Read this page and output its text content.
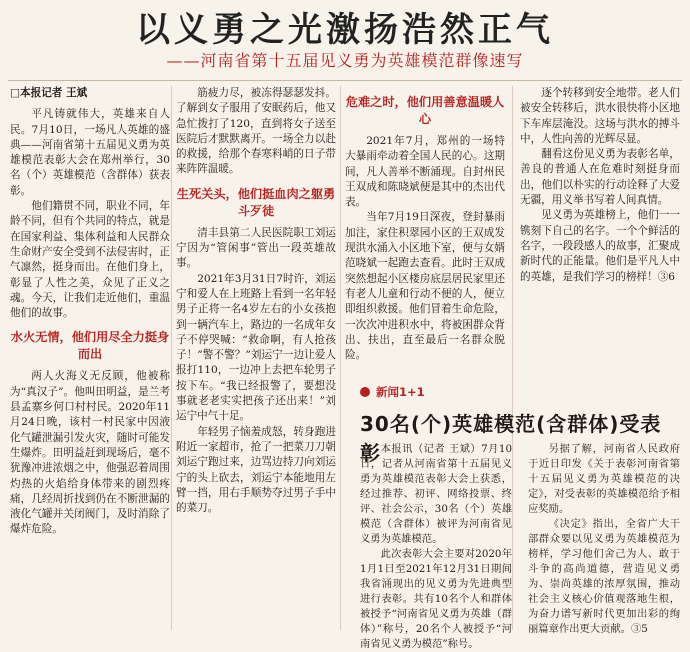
以义勇之光激扬浩然正气
——河南省第十五届见义勇为英雄模范群像速写
□本报记者 王斌

平凡铸就伟大，英雄来自人民。7月10日，一场凡人英雄的盛典——河南省第十五届见义勇为英雄模范表彰大会在郑州举行，30名（个）英雄模范（含群体）获表彰。

他们籍贯不同，职业不同，年龄不同，但有个共同的特点，就是在国家利益、集体利益和人民群众生命财产安全受到不法侵害时，正气凛然，挺身而出。在他们身上，彰显了人性之美，众见了正义之魂。今天，让我们走近他们，重温他们的故事。

水火无情，他们用尽全力挺身而出

两人火海义无反顾，他被称为“真汉子”。他叫田明益，是兰考县孟寨乡何口村村民。2020年11月24日晚，该村一村民家中因液化气罐泄漏引发火灾，随时可能发生爆炸。田明益赶到现场后，毫不犹豫冲进浓烟之中，他强忍着周围灼热的火焰给身体带来的剧烈疼痛，几经周折找到仍在不断泄漏的液化气罐并关闭阀门，及时消除了爆炸危险。

筋疲力尽，被冻得瑟瑟发抖。了解到女子服用了安眠药后，他又急忙拨打了120，直到将女子送至医院后才默默离开。一场全力以赴的救援，给那个春寒料峭的日子带来阵阵温暖。

生死关头，他们挺血肉之躯勇斗歹徒

清丰县第二人民医院职工刘运宁因为“管闲事”管出一段英雄故事。

2021年3月31日7时许，刘运宁和爱人在上班路上看到一名年轻男子正将一名4岁左右的小女孩抱到一辆汽车上，路边的一名成年女子不停哭喊：“救命啊，有人抢孩子！”警不警？”刘运宁一边让爱人报打110，一边冲上去把车轮男子按下车。“我已经报警了，要想没事就老老实实把孩子还出来！”刘运宁中气十足。

年轻男子恼羞成怒，转身跑进附近一家超市，抢了一把菜刀刀朝刘运宁跑过来，边骂边持刀向刘运宁的头上砍去，刘运宁本能地用左臂一挡，用右手顺势夺过男子手中的菜刀。

危难之时，他们用善意温暖人心

2021年7月，郑州的一场特大暴雨牵动着全国人民的心。这期间，凡人善举不断涌现。自封州民王双成和陈晓斌便是其中的杰出代表。

当年7月19日深夜，登封暴雨加注，家住积翠园小区的王双成发现洪水涌入小区地下室，便与女婿范晓斌一起跑去查看。此时王双成突然想起小区楼房底层居民家里还有老人儿童和行动不便的人，便立即组织救援。他们冒着生命危险，一次次冲进积水中，将被困群众背出、扶出，直至最后一名群众脱险。

逐个转移到安全地带。老人们被安全转移后，洪水很快将小区地下车库层淹没。这场与洪水的搏斗中，人性向善的光辉尽显。

翻看这份见义勇为表彰名单，善良的普通人在危难时刻挺身而出，他们以朴实的行动诠释了大爱无疆，用义举书写着人间真情。

见义勇为英雄榜上，他们一一镌刻下自己的名字。一个个鲜活的名字，一段段感人的故事，汇聚成新时代的正能量。他们是平凡人中的英雄，是我们学习的榜样！③6

新闻1+1
30名(个)英雄模范(含群体)受表彰 本报讯（记者 王斌）7月10日，记者从河南省第十五届见义勇为英雄模范表彰大会上获悉，经过推荐、初评、网络投票、终评、社会公示，30名（个）英雄模范（含群体）被评为河南省见义勇为英雄模范。

此次表彰大会主要对2020年1月1日至2021年12月31日期间我省涌现出的见义勇为先进典型进行表彰。共有10名个人和群体被授予“河南省见义勇为英雄（群体）”称号，20名个人被授予“河南省见义勇为模范”称号。

另据了解，河南省人民政府于近日印发《关于表彰河南省第十五届见义勇为英雄模范的决定》，对受表彰的英雄模范给予相应奖励。

《决定》指出，全省广大干部群众要以见义勇为英雄模范为榜样，学习他们舍己为人、敢于斗争的高尚道德，营造见义勇为、崇尚英雄的浓厚氛围，推动社会主义核心价值观落地生根，为奋力谱写新时代更加出彩的绚丽篇章作出更大贡献。③5
